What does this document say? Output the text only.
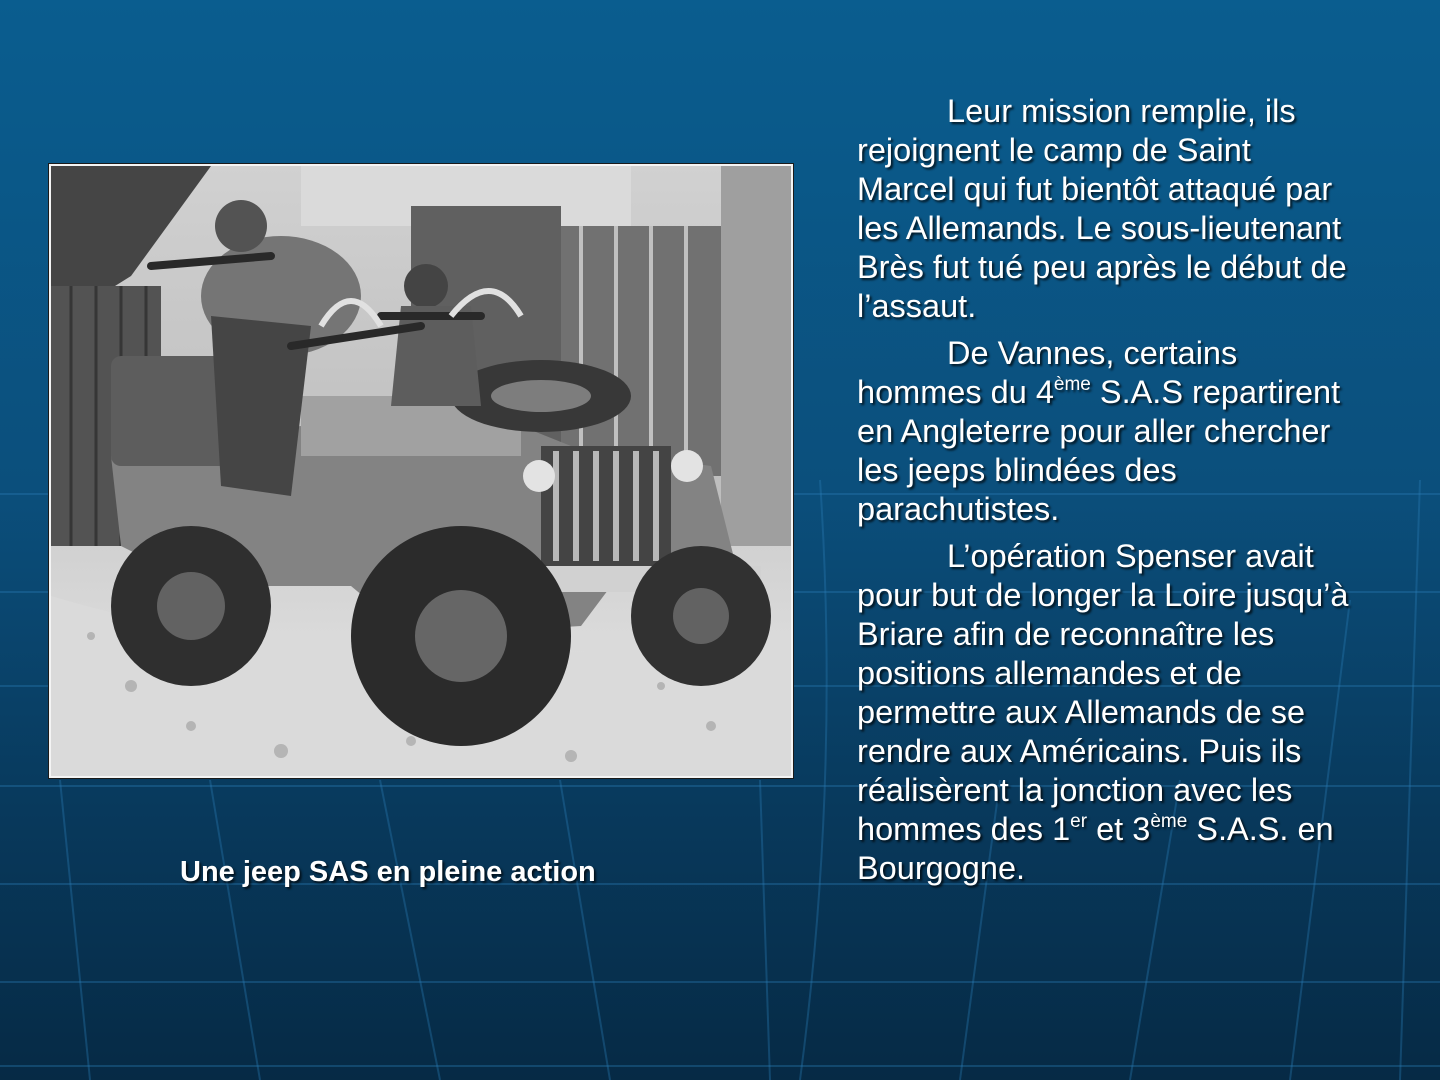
Une jeep SAS en pleine action

Leur mission remplie, ils rejoignent le camp de Saint Marcel qui fut bientôt attaqué par les Allemands. Le sous-lieutenant Brès fut tué peu après le début de l’assaut.

De Vannes, certains hommes du 4ème S.A.S repartirent en Angleterre pour aller chercher les jeeps blindées des parachutistes.

L’opération Spenser avait pour but de longer la Loire jusqu’à Briare afin de reconnaître les positions allemandes et de permettre aux Allemands de se rendre aux Américains. Puis ils réalisèrent la jonction avec les hommes des 1er et 3ème S.A.S. en Bourgogne.
